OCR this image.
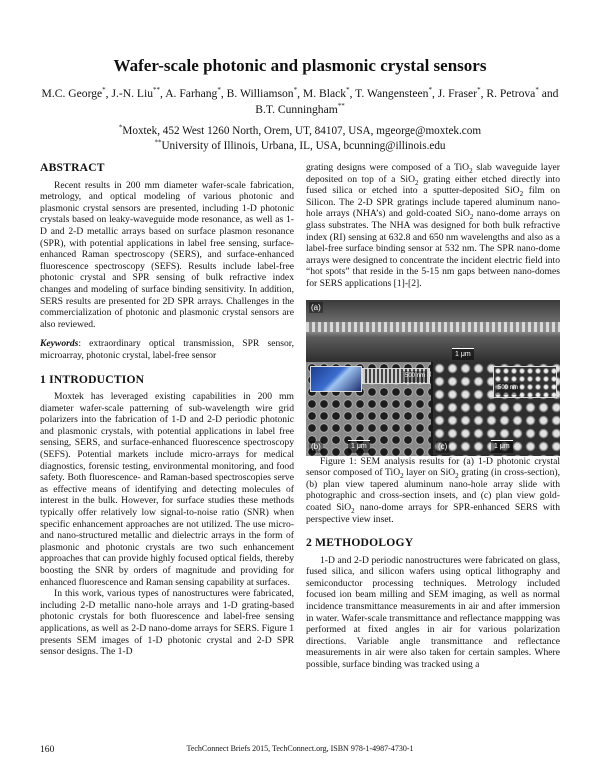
Wafer-scale photonic and plasmonic crystal sensors
M.C. George*, J.-N. Liu**, A. Farhang*, B. Williamson*, M. Black*, T. Wangensteen*, J. Fraser*, R. Petrova* and B.T. Cunningham**
*Moxtek, 452 West 1260 North, Orem, UT, 84107, USA, mgeorge@moxtek.com
**University of Illinois, Urbana, IL, USA, bcunning@illinois.edu

ABSTRACT

Recent results in 200 mm diameter wafer-scale fabrication, metrology, and optical modeling of various photonic and plasmonic crystal sensors are presented, including 1-D photonic crystals based on leaky-waveguide mode resonance, as well as 1-D and 2-D metallic arrays based on surface plasmon resonance (SPR), with potential applications in label free sensing, surface-enhanced Raman spectroscopy (SERS), and surface-enhanced fluorescence spectroscopy (SEFS). Results include label-free photonic crystal and SPR sensing of bulk refractive index changes and modeling of surface binding sensitivity. In addition, SERS results are presented for 2D SPR arrays. Challenges in the commercialization of photonic and plasmonic crystal sensors are also reviewed.

Keywords: extraordinary optical transmission, SPR sensor, microarray, photonic crystal, label-free sensor

1 INTRODUCTION

Moxtek has leveraged existing capabilities in 200 mm diameter wafer-scale patterning of sub-wavelength wire grid polarizers into the fabrication of 1-D and 2-D periodic photonic and plasmonic crystals, with potential applications in label free sensing, SERS, and surface-enhanced fluorescence spectroscopy (SEFS). Potential markets include micro-arrays for medical diagnostics, forensic testing, environmental monitoring, and food safety. Both fluorescence- and Raman-based spectroscopies serve as effective means of identifying and detecting molecules of interest in the bulk. However, for surface studies these methods typically offer relatively low signal-to-noise ratio (SNR) when specific enhancement approaches are not utilized. The use micro- and nano-structured metallic and dielectric arrays in the form of plasmonic and photonic crystals are two such enhancement approaches that can provide highly focused optical fields, thereby boosting the SNR by orders of magnitude and providing for enhanced fluorescence and Raman sensing capability at surfaces.

In this work, various types of nanostructures were fabricated, including 2-D metallic nano-hole arrays and 1-D grating-based photonic crystals for both fluorescence and label-free sensing applications, as well as 2-D nano-dome arrays for SERS. Figure 1 presents SEM images of 1-D photonic crystal and 2-D SPR sensor designs. The 1-D

grating designs were composed of a TiO$_2$ slab waveguide layer deposited on top of a SiO$_2$ grating either etched directly into fused silica or etched into a sputter-deposited SiO$_2$ film on Silicon. The 2-D SPR gratings include tapered aluminum nano-hole arrays (NHA’s) and gold-coated SiO$_2$ nano-dome arrays on glass substrates. The NHA was designed for both bulk refractive index (RI) sensing at 632.8 and 650 nm wavelengths and also as a label-free surface binding sensor at 532 nm. The SPR nano-dome arrays were designed to concentrate the incident electric field into “hot spots” that reside in the 5-15 nm gaps between nano-domes for SERS applications [1]-[2].

(a)
1 μm
500 nm
(b)	1 μm
500 nm
(c)	1 μm

Figure 1: SEM analysis results for (a) 1-D photonic crystal sensor composed of TiO$_2$ layer on SiO$_2$ grating (in cross-section), (b) plan view tapered aluminum nano-hole array slide with photographic and cross-section insets, and (c) plan view gold-coated SiO$_2$ nano-dome arrays for SPR-enhanced SERS with perspective view inset.

2 METHODOLOGY

1-D and 2-D periodic nanostructures were fabricated on glass, fused silica, and silicon wafers using optical lithography and semiconductor processing techniques. Metrology included focused ion beam milling and SEM imaging, as well as normal incidence transmittance measurements in air and after immersion in water. Wafer-scale transmittance and reflectance mappping was performed at fixed angles in air for various polarization directions. Variable angle transmittance and reflectance measurements in air were also taken for certain samples. Where possible, surface binding was tracked using a

160	TechConnect Briefs 2015, TechConnect.org, ISBN 978-1-4987-4730-1
